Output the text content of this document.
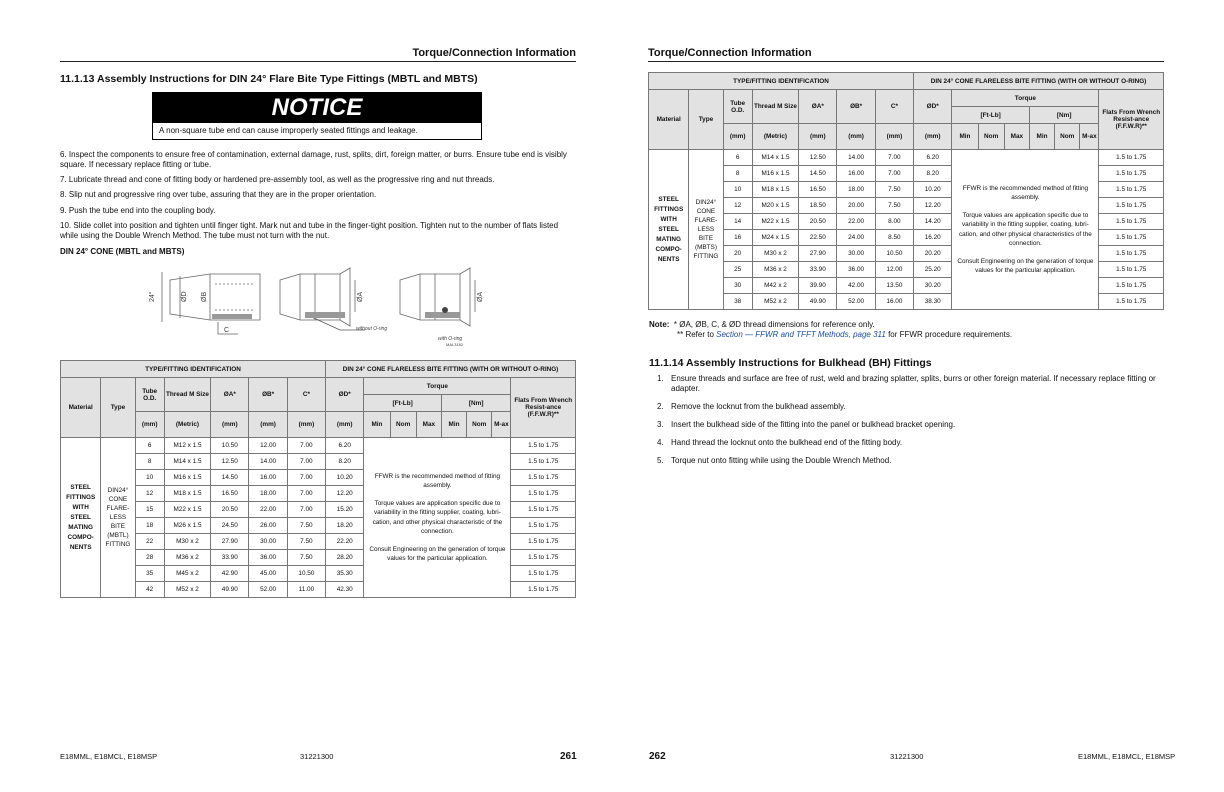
Torque/Connection Information
11.1.13 Assembly Instructions for DIN 24° Flare Bite Type Fittings (MBTL and MBTS)
NOTICE
A non-square tube end can cause improperly seated fittings and leakage.
6. Inspect the components to ensure free of contamination, external damage, rust, splits, dirt, foreign matter, or burrs. Ensure tube end is visibly square. If necessary replace fitting or tube.
7. Lubricate thread and cone of fitting body or hardened pre-assembly tool, as well as the progressive ring and nut threads.
8. Slip nut and progressive ring over tube, assuring that they are in the proper orientation.
9. Push the tube end into the coupling body.
10. Slide collet into position and tighten until finger tight. Mark nut and tube in the finger-tight position. Tighten nut to the number of flats listed while using the Double Wrench Method. The tube must not turn with the nut.
DIN 24° CONE (MBTL and MBTS)
24°	ØD ØB
C
ØA	ØA
without O-ring
with O-ring
MAL3182
TYPE/FITTING IDENTIFICATION							DIN 24° CONE FLARELESS BITE FITTING (WITH OR WITHOUT O-RING)							
Material	Type	Tube O.D.	Thread M Size	ØA*	ØB*	C*	ØD*	Torque						Flats From Wrench Resist-ance (F.F.W.R)**
								[Ft-Lb]			[Nm]			
		(mm)	(Metric)	(mm)	(mm)	(mm)	(mm)	Min	Nom	Max	Min	Nom	M-ax	
STEEL FITTINGS WITH STEEL MATING COMPO-NENTS	DIN24° CONE FLARE-LESS BITE (MBTL) FITTING	6	M12 x 1.5	10.50	12.00	7.00	6.20	FFWR is the recommended method of fitting assembly.
Torque values are application specific due to variability in the fitting supplier, coating, lubri-cation, and other physical characteristic of the connection.
Consult Engineering on the generation of torque values for the particular application.						1.5 to 1.75
		8	M14 x 1.5	12.50	14.00	7.00	8.20							1.5 to 1.75
		10	M16 x 1.5	14.50	16.00	7.00	10.20							1.5 to 1.75
		12	M18 x 1.5	16.50	18.00	7.00	12.20							1.5 to 1.75
		15	M22 x 1.5	20.50	22.00	7.00	15.20							1.5 to 1.75
		18	M26 x 1.5	24.50	26.00	7.50	18.20							1.5 to 1.75
		22	M30 x 2	27.90	30.00	7.50	22.20							1.5 to 1.75
		28	M36 x 2	33.90	36.00	7.50	28.20							1.5 to 1.75
		35	M45 x 2	42.90	45.00	10.50	35.30							1.5 to 1.75
		42	M52 x 2	49.90	52.00	11.00	42.30							1.5 to 1.75
E18MML, E18MCL, E18MSP	31221300	261
Torque/Connection Information
TYPE/FITTING IDENTIFICATION							DIN 24° CONE FLARELESS BITE FITTING (WITH OR WITHOUT O-RING)							
Material	Type	Tube O.D.	Thread M Size	ØA*	ØB*	C*	ØD*	Torque						Flats From Wrench Resist-ance (F.F.W.R)**
								[Ft-Lb]			[Nm]			
		(mm)	(Metric)	(mm)	(mm)	(mm)	(mm)	Min	Nom	Max	Min	Nom	M-ax	
STEEL FITTINGS WITH STEEL MATING COMPO-NENTS	DIN24° CONE FLARE-LESS BITE (MBTS) FITTING	6	M14 x 1.5	12.50	14.00	7.00	6.20	FFWR is the recommended method of fitting assembly.
Torque values are application specific due to variability in the fitting supplier, coating, lubri-cation, and other physical characteristics of the connection.
Consult Engineering on the generation of torque values for the particular application.						1.5 to 1.75
		8	M16 x 1.5	14.50	16.00	7.00	8.20							1.5 to 1.75
		10	M18 x 1.5	16.50	18.00	7.50	10.20							1.5 to 1.75
		12	M20 x 1.5	18.50	20.00	7.50	12.20							1.5 to 1.75
		14	M22 x 1.5	20.50	22.00	8.00	14.20							1.5 to 1.75
		16	M24 x 1.5	22.50	24.00	8.50	16.20							1.5 to 1.75
		20	M30 x 2	27.90	30.00	10.50	20.20							1.5 to 1.75
		25	M36 x 2	33.90	36.00	12.00	25.20							1.5 to 1.75
		30	M42 x 2	39.90	42.00	13.50	30.20							1.5 to 1.75
		38	M52 x 2	49.90	52.00	16.00	38.30							1.5 to 1.75
Note: * ØA, ØB, C, & ØD thread dimensions for reference only.
** Refer to Section — FFWR and TFFT Methods, page 311 for FFWR procedure requirements.
11.1.14 Assembly Instructions for Bulkhead (BH) Fittings
1. Ensure threads and surface are free of rust, weld and brazing splatter, splits, burrs or other foreign material. If necessary replace fitting or adapter.
2. Remove the locknut from the bulkhead assembly.
3. Insert the bulkhead side of the fitting into the panel or bulkhead bracket opening.
4. Hand thread the locknut onto the bulkhead end of the fitting body.
5. Torque nut onto fitting while using the Double Wrench Method.
262	31221300	E18MML, E18MCL, E18MSP
